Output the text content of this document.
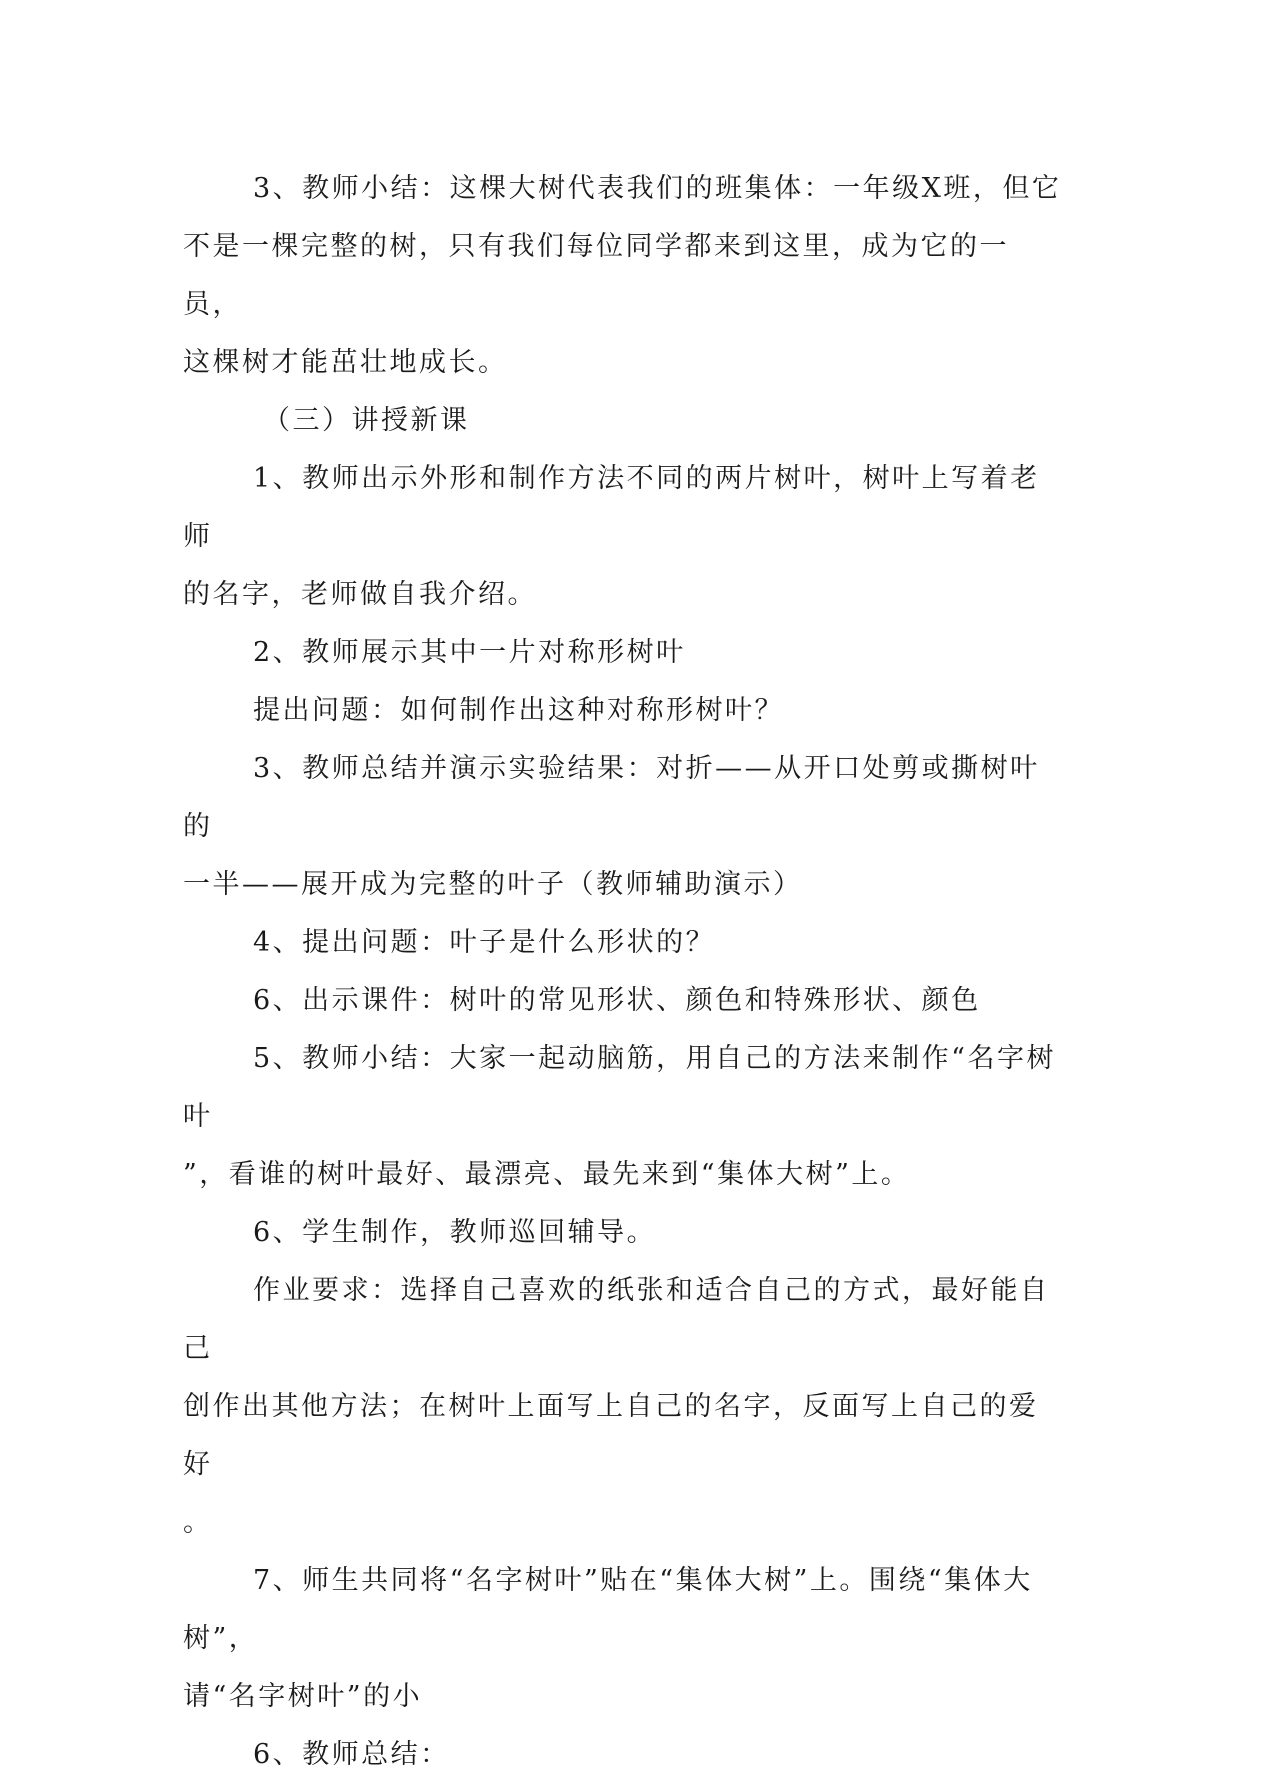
3、教师小结：这棵大树代表我们的班集体：一年级X班，但它
不是一棵完整的树，只有我们每位同学都来到这里，成为它的一员，
这棵树才能茁壮地成长。
（三）讲授新课
1、教师出示外形和制作方法不同的两片树叶，树叶上写着老师
的名字，老师做自我介绍。
2、教师展示其中一片对称形树叶
提出问题：如何制作出这种对称形树叶？
3、教师总结并演示实验结果：对折——从开口处剪或撕树叶的
一半——展开成为完整的叶子（教师辅助演示）
4、提出问题：叶子是什么形状的？
6、出示课件：树叶的常见形状、颜色和特殊形状、颜色
5、教师小结：大家一起动脑筋，用自己的方法来制作“名字树叶
”，看谁的树叶最好、最漂亮、最先来到“集体大树”上。
6、学生制作，教师巡回辅导。
作业要求：选择自己喜欢的纸张和适合自己的方式，最好能自己
创作出其他方法；在树叶上面写上自己的名字，反面写上自己的爱好
。
7、师生共同将“名字树叶”贴在“集体大树”上。围绕“集体大树”，
请“名字树叶”的小
6、教师总结：
